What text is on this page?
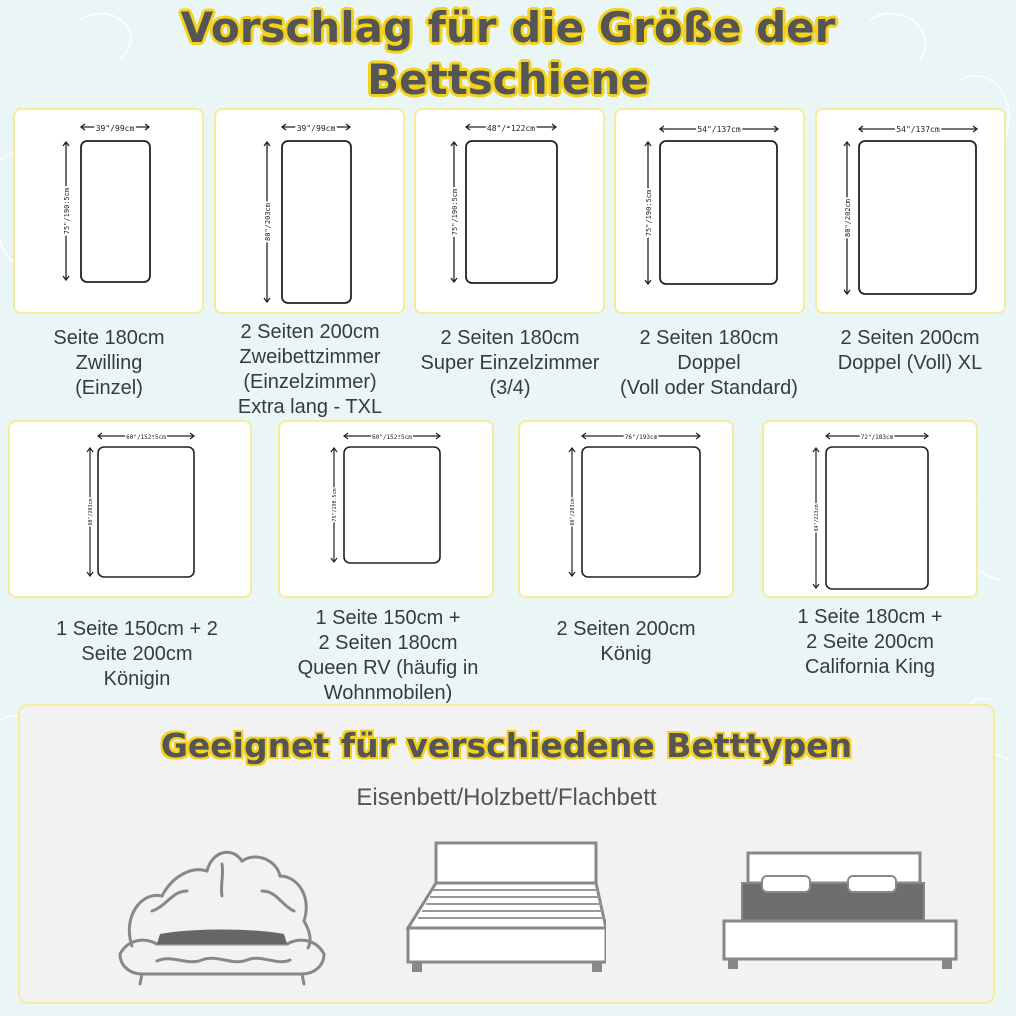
Vorschlag für die Größe der
Bettschiene
39"/99cm
75"/190.5cm
39"/99cm
80"/203cm
48"/ 122cm
75"/190.5cm
54"/137cm
75"/190.5cm
54"/137cm
80"/202cm
Seite 180cm
Zwilling
(Einzel)
2 Seiten 200cm
Zweibettzimmer
(Einzelzimmer)
Extra lang - TXL
2 Seiten 180cm
Super Einzelzimmer
(3/4)
2 Seiten 180cm
Doppel
(Voll oder Standard)
2 Seiten 200cm
Doppel (Voll) XL
60"/152.5cm
80"/203cm
60"/152.5cm
75"/190.5cm
76"/193cm
80"/203cm
72"/183cm
84"/213cm
1 Seite 150cm + 2
Seite 200cm
Königin
1 Seite 150cm +
2 Seiten 180cm
Queen RV (häufig in
Wohnmobilen)
2 Seiten 200cm
König
1 Seite 180cm +
2 Seite 200cm
California King
Geeignet für verschiedene Betttypen
Eisenbett/Holzbett/Flachbett
